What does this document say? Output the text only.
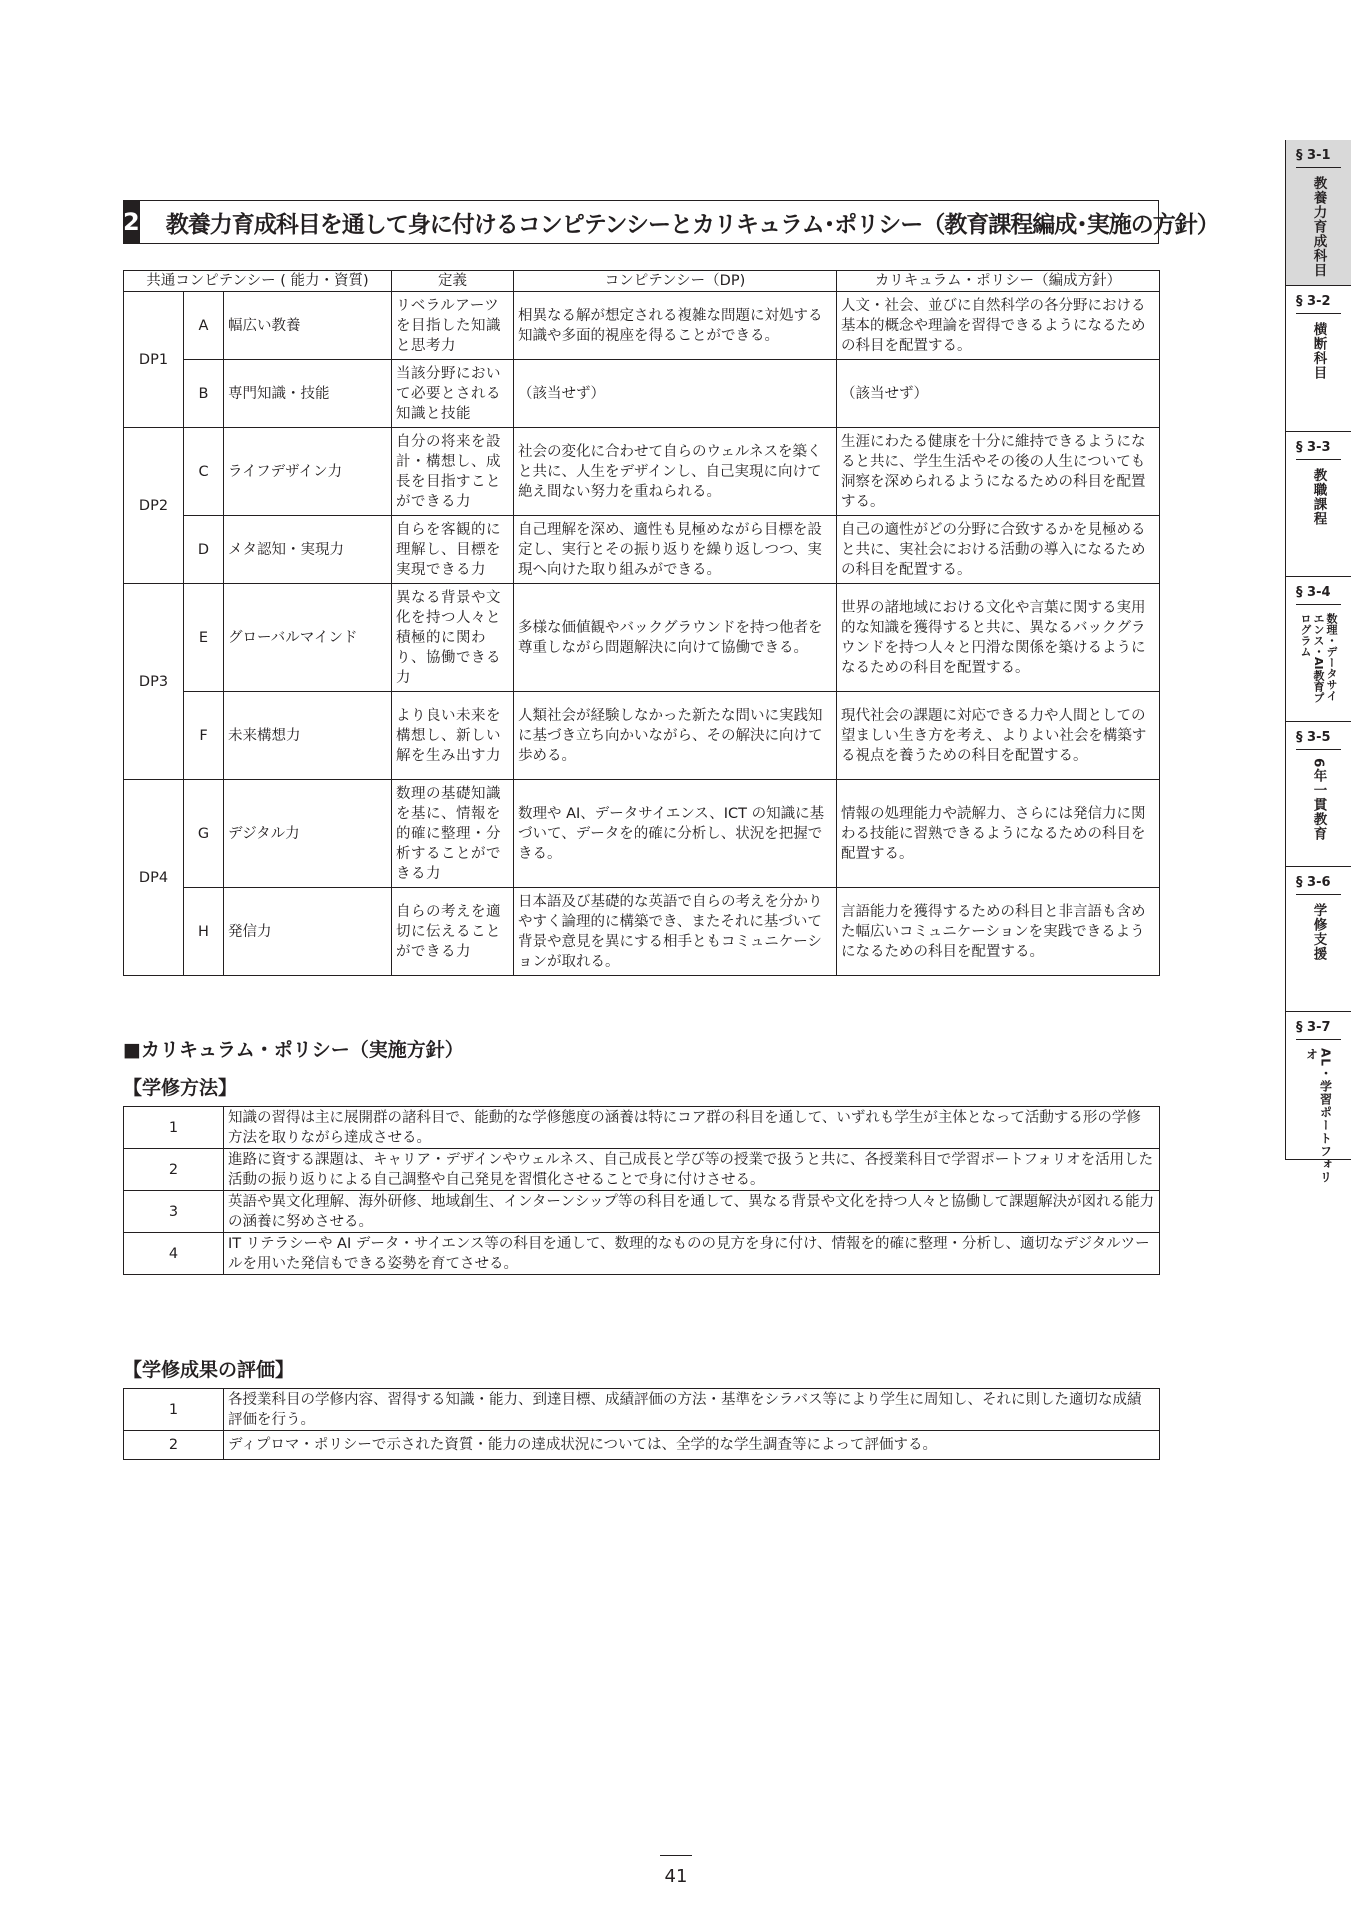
2 教養力育成科目を通して身に付けるコンピテンシーとカリキュラム･ポリシー（教育課程編成･実施の方針）
共通コンピテンシー ( 能力・資質)			定義	コンピテンシー（DP)	カリキュラム・ポリシー（編成方針）
DP1	A	幅広い教養	リベラルアーツを目指した知識と思考力	相異なる解が想定される複雑な問題に対処する知識や多面的視座を得ることができる。	人文・社会、並びに自然科学の各分野における基本的概念や理論を習得できるようになるための科目を配置する。
	B	専門知識・技能	当該分野において必要とされる知識と技能	（該当せず）	（該当せず）
DP2	C	ライフデザイン力	自分の将来を設計・構想し、成長を目指すことができる力	社会の変化に合わせて自らのウェルネスを築くと共に、人生をデザインし、自己実現に向けて絶え間ない努力を重ねられる。	生涯にわたる健康を十分に維持できるようになると共に、学生生活やその後の人生についても洞察を深められるようになるための科目を配置する。
	D	メタ認知・実現力	自らを客観的に理解し、目標を実現できる力	自己理解を深め、適性も見極めながら目標を設定し、実行とその振り返りを繰り返しつつ、実現へ向けた取り組みができる。	自己の適性がどの分野に合致するかを見極めると共に、実社会における活動の導入になるための科目を配置する。
DP3	E	グローバルマインド	異なる背景や文化を持つ人々と積極的に関わり、協働できる力	多様な価値観やバックグラウンドを持つ他者を尊重しながら問題解決に向けて協働できる。	世界の諸地域における文化や言葉に関する実用的な知識を獲得すると共に、異なるバックグラウンドを持つ人々と円滑な関係を築けるようになるための科目を配置する。
	F	未来構想力	より良い未来を構想し、新しい解を生み出す力	人類社会が経験しなかった新たな問いに実践知に基づき立ち向かいながら、その解決に向けて歩める。	現代社会の課題に対応できる力や人間としての望ましい生き方を考え、よりよい社会を構築する視点を養うための科目を配置する。
DP4	G	デジタル力	数理の基礎知識を基に、情報を的確に整理・分析することができる力	数理や AI、データサイエンス、ICT の知識に基づいて、データを的確に分析し、状況を把握できる。	情報の処理能力や読解力、さらには発信力に関わる技能に習熟できるようになるための科目を配置する。
	H	発信力	自らの考えを適切に伝えることができる力	日本語及び基礎的な英語で自らの考えを分かりやすく論理的に構築でき、またそれに基づいて背景や意見を異にする相手ともコミュニケーションが取れる。	言語能力を獲得するための科目と非言語も含めた幅広いコミュニケーションを実践できるようになるための科目を配置する。
■カリキュラム・ポリシー（実施方針）
【学修方法】
1	知識の習得は主に展開群の諸科目で、能動的な学修態度の涵養は特にコア群の科目を通して、いずれも学生が主体となって活動する形の学修方法を取りながら達成させる。
2	進路に資する課題は、キャリア・デザインやウェルネス、自己成長と学び等の授業で扱うと共に、各授業科目で学習ポートフォリオを活用した活動の振り返りによる自己調整や自己発見を習慣化させることで身に付けさせる。
3	英語や異文化理解、海外研修、地域創生、インターンシップ等の科目を通して、異なる背景や文化を持つ人々と協働して課題解決が図れる能力の涵養に努めさせる。
4	IT リテラシーや AI データ・サイエンス等の科目を通して、数理的なものの見方を身に付け、情報を的確に整理・分析し、適切なデジタルツールを用いた発信もできる姿勢を育てさせる。
【学修成果の評価】
1	各授業科目の学修内容、習得する知識・能力、到達目標、成績評価の方法・基準をシラバス等により学生に周知し、それに則した適切な成績評価を行う。
2	ディプロマ・ポリシーで示された資質・能力の達成状況については、全学的な学生調査等によって評価する。
41
§ 3-1
教養力育成科目
§ 3-2
横断科目
§ 3-3
教職課程
§ 3-4
数理・データサイエンス・AI教育プログラム
§ 3-5
6年一貫教育
§ 3-6
学修支援
§ 3-7
AL・学習ポートフォリオ
